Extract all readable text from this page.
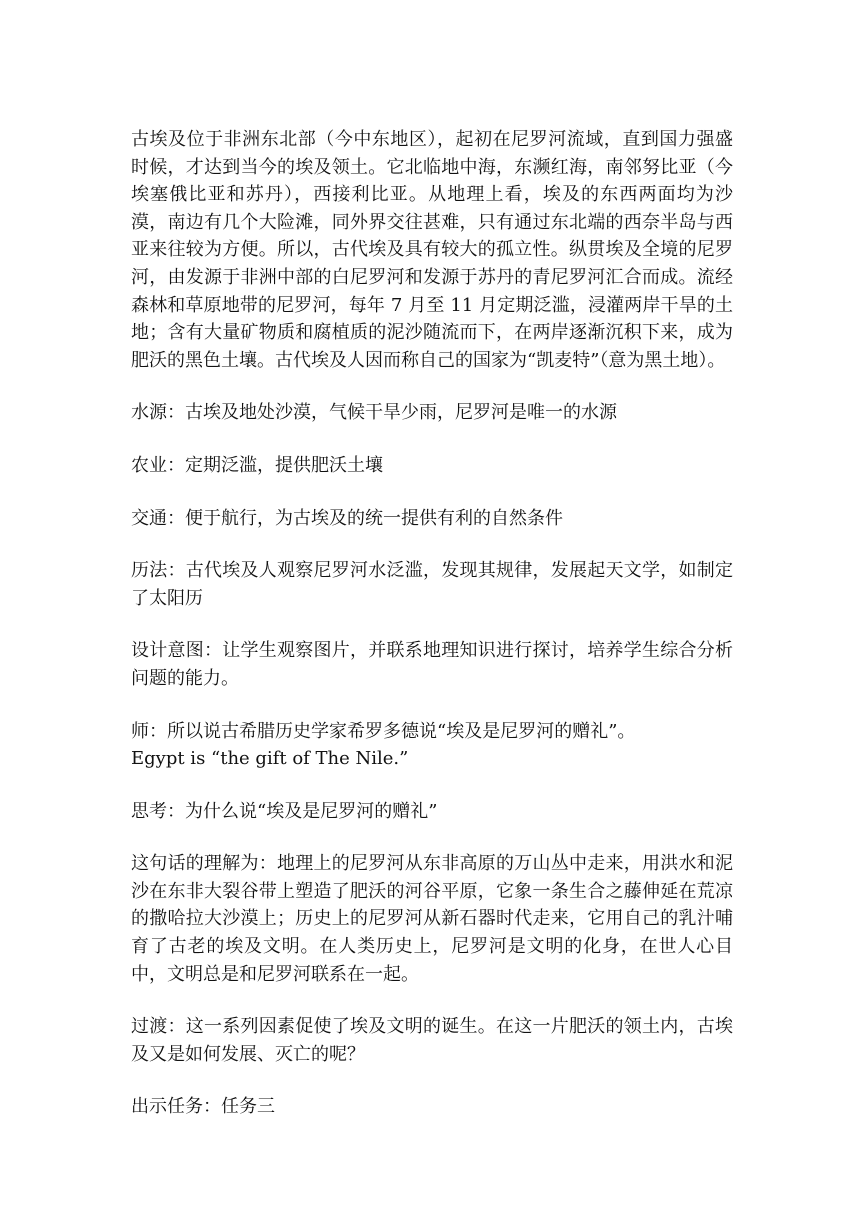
古埃及位于非洲东北部（今中东地区），起初在尼罗河流域，直到国力强盛时候，才达到当今的埃及领土。它北临地中海，东濒红海，南邻努比亚（今埃塞俄比亚和苏丹），西接利比亚。从地理上看，埃及的东西两面均为沙漠，南边有几个大险滩，同外界交往甚难，只有通过东北端的西奈半岛与西亚来往较为方便。所以，古代埃及具有较大的孤立性。纵贯埃及全境的尼罗河，由发源于非洲中部的白尼罗河和发源于苏丹的青尼罗河汇合而成。流经森林和草原地带的尼罗河，每年 7 月至 11 月定期泛滥，浸灌两岸干旱的土地；含有大量矿物质和腐植质的泥沙随流而下，在两岸逐渐沉积下来，成为肥沃的黑色土壤。古代埃及人因而称自己的国家为“凯麦特”（意为黑土地）。

水源：古埃及地处沙漠，气候干旱少雨，尼罗河是唯一的水源

农业：定期泛滥，提供肥沃土壤

交通：便于航行，为古埃及的统一提供有利的自然条件

历法：古代埃及人观察尼罗河水泛滥，发现其规律，发展起天文学，如制定了太阳历

设计意图：让学生观察图片，并联系地理知识进行探讨，培养学生综合分析问题的能力。

师：所以说古希腊历史学家希罗多德说“埃及是尼罗河的赠礼”。
Egypt is “the gift of The Nile.”

思考：为什么说“埃及是尼罗河的赠礼”

这句话的理解为：地理上的尼罗河从东非高原的万山丛中走来，用洪水和泥沙在东非大裂谷带上塑造了肥沃的河谷平原，它象一条生合之藤伸延在荒凉的撒哈拉大沙漠上；历史上的尼罗河从新石器时代走来，它用自己的乳汁哺育了古老的埃及文明。在人类历史上，尼罗河是文明的化身，在世人心目中，文明总是和尼罗河联系在一起。

过渡：这一系列因素促使了埃及文明的诞生。在这一片肥沃的领土内，古埃及又是如何发展、灭亡的呢？

出示任务：任务三
